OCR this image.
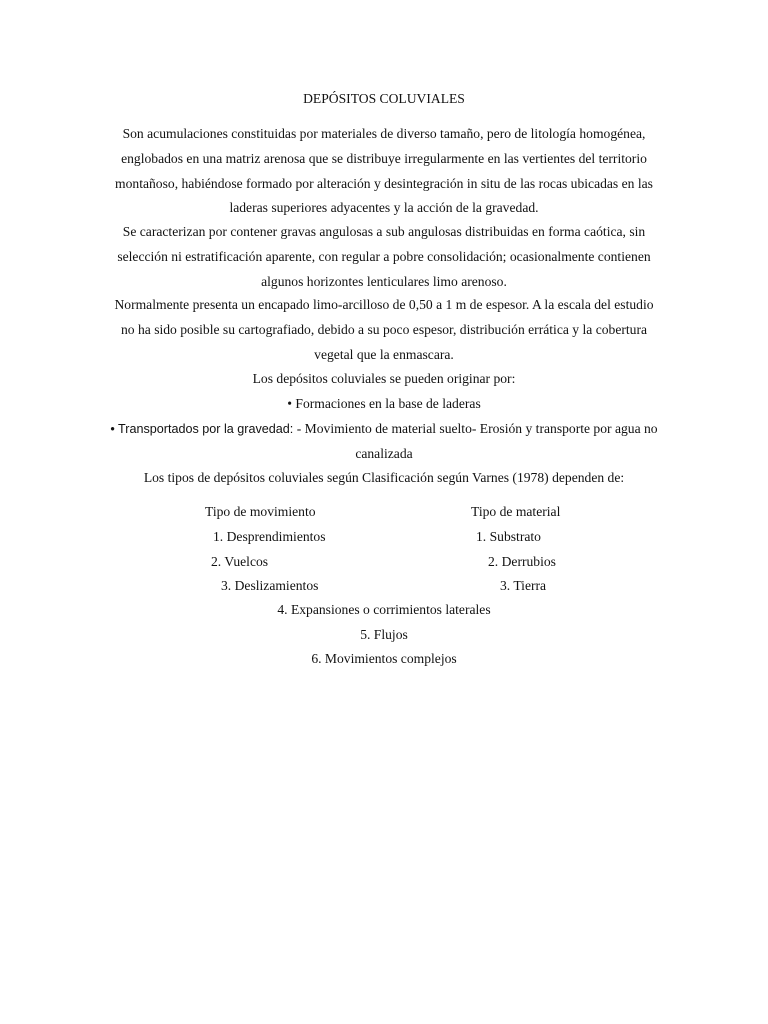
DEPÓSITOS COLUVIALES
Son acumulaciones constituidas por materiales de diverso tamaño, pero de litología homogénea,
englobados en una matriz arenosa que se distribuye irregularmente en las vertientes del territorio
montañoso, habiéndose formado por alteración y desintegración in situ de las rocas ubicadas en las
laderas superiores adyacentes y la acción de la gravedad.
Se caracterizan por contener gravas angulosas a sub angulosas distribuidas en forma caótica, sin
selección ni estratificación aparente, con regular a pobre consolidación; ocasionalmente contienen
algunos horizontes lenticulares limo arenoso.
Normalmente presenta un encapado limo-arcilloso de 0,50 a 1 m de espesor. A la escala del estudio
no ha sido posible su cartografiado, debido a su poco espesor, distribución errática y la cobertura
vegetal que la enmascara.
Los depósitos coluviales se pueden originar por:
• Formaciones en la base de laderas
• Transportados por la gravedad: - Movimiento de material suelto- Erosión y transporte por agua no
canalizada
Los tipos de depósitos coluviales según Clasificación según Varnes (1978) dependen de:
Tipo de movimiento	Tipo de material
1. Desprendimientos	1. Substrato
2. Vuelcos	2. Derrubios
3. Deslizamientos	3. Tierra
4. Expansiones o corrimientos laterales
5. Flujos
6. Movimientos complejos
